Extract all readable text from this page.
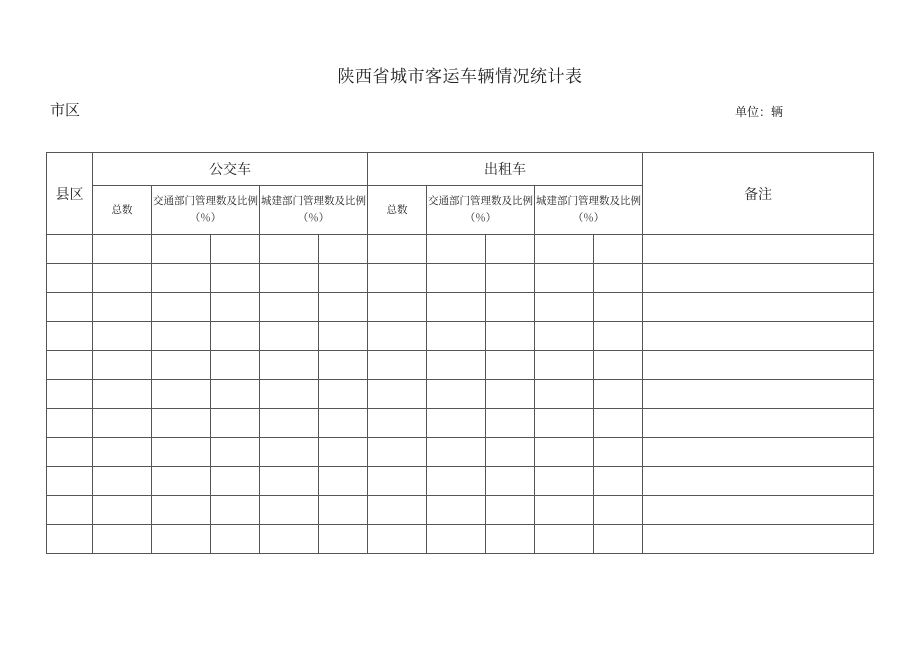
陕西省城市客运车辆情况统计表
市区	单位：辆
县区	公交车					出租车					备注
	总数	交通部门管理数及比例（％）		城建部门管理数及比例（％）		总数	交通部门管理数及比例（％）		城建部门管理数及比例（％）		
